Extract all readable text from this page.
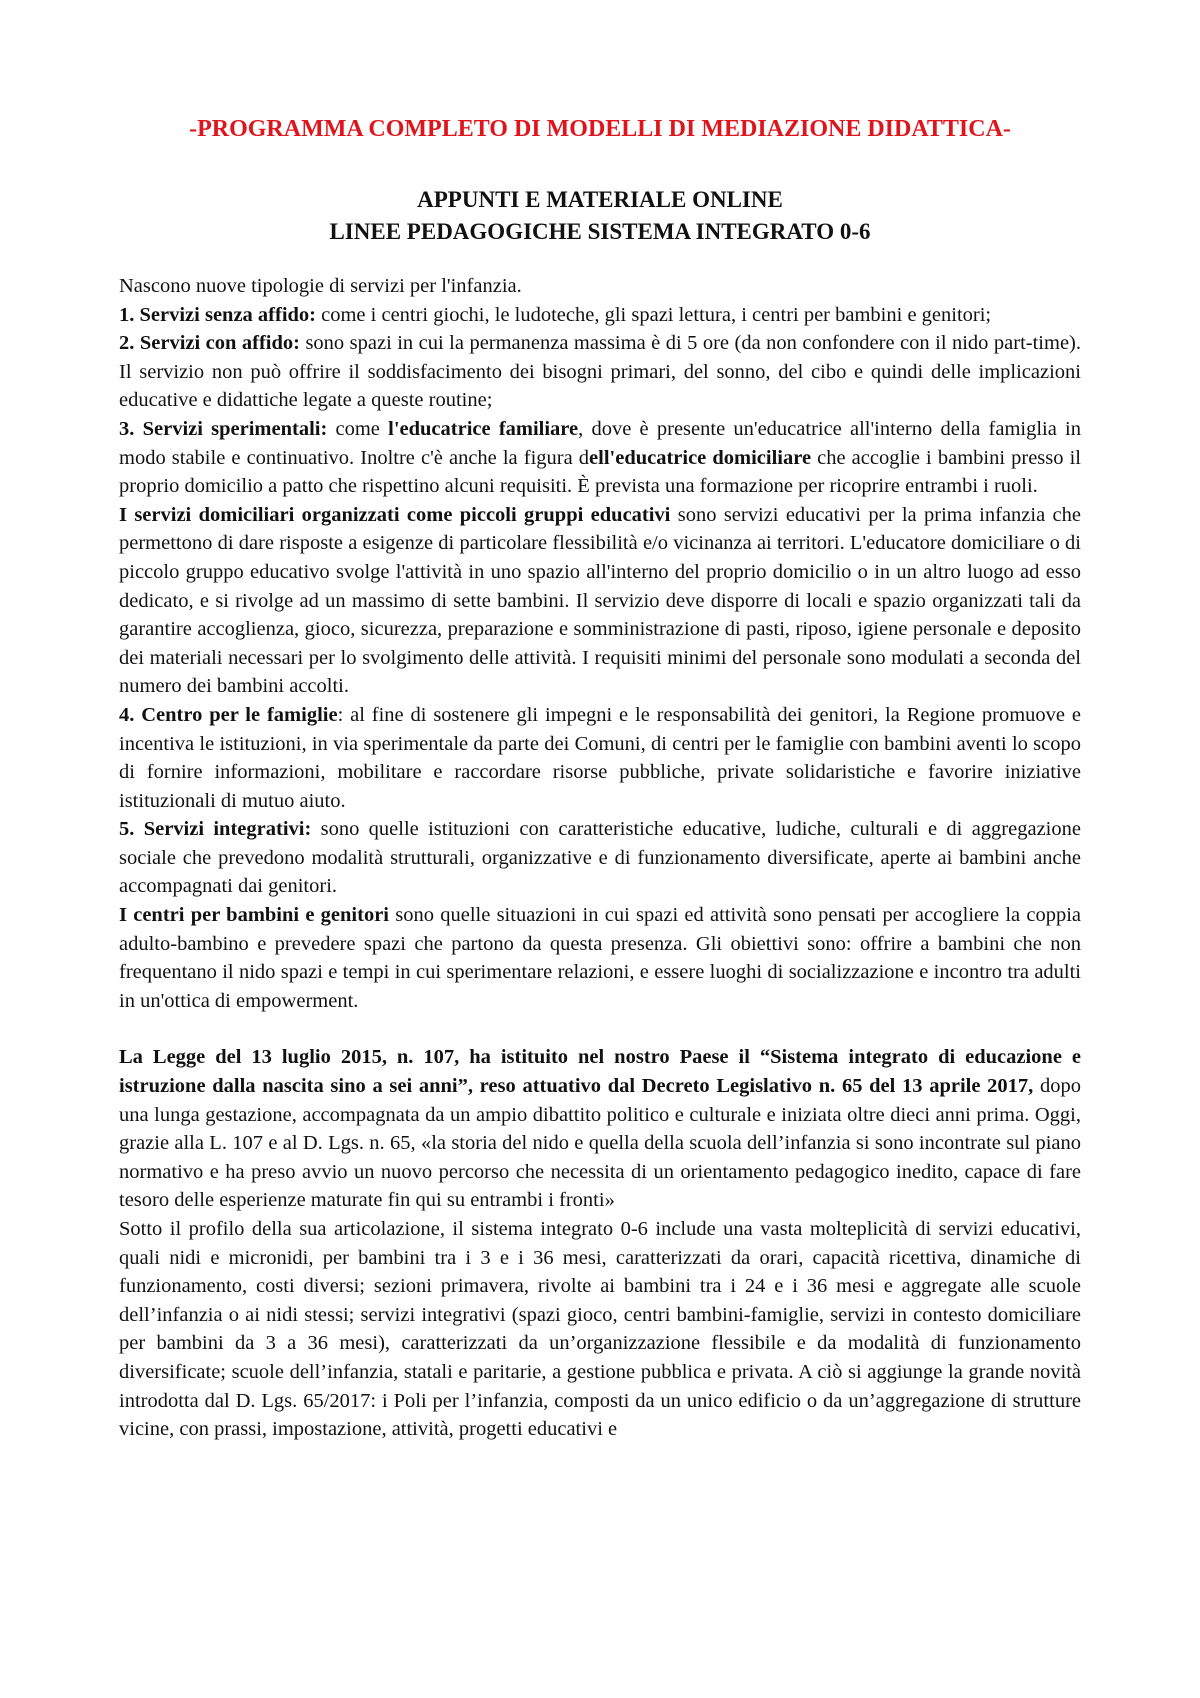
-PROGRAMMA COMPLETO DI MODELLI DI MEDIAZIONE DIDATTICA-
APPUNTI E MATERIALE ONLINE
LINEE PEDAGOGICHE SISTEMA INTEGRATO 0-6

Nascono nuove tipologie di servizi per l'infanzia.

1. Servizi senza affido: come i centri giochi, le ludoteche, gli spazi lettura, i centri per bambini e genitori;

2. Servizi con affido: sono spazi in cui la permanenza massima è di 5 ore (da non confondere con il nido part-time). Il servizio non può offrire il soddisfacimento dei bisogni primari, del sonno, del cibo e quindi delle implicazioni educative e didattiche legate a queste routine;

3. Servizi sperimentali: come l'educatrice familiare, dove è presente un'educatrice all'interno della famiglia in modo stabile e continuativo. Inoltre c'è anche la figura dell'educatrice domiciliare che accoglie i bambini presso il proprio domicilio a patto che rispettino alcuni requisiti. È prevista una formazione per ricoprire entrambi i ruoli.

I servizi domiciliari organizzati come piccoli gruppi educativi sono servizi educativi per la prima infanzia che permettono di dare risposte a esigenze di particolare flessibilità e/o vicinanza ai territori. L'educatore domiciliare o di piccolo gruppo educativo svolge l'attività in uno spazio all'interno del proprio domicilio o in un altro luogo ad esso dedicato, e si rivolge ad un massimo di sette bambini. Il servizio deve disporre di locali e spazio organizzati tali da garantire accoglienza, gioco, sicurezza, preparazione e somministrazione di pasti, riposo, igiene personale e deposito dei materiali necessari per lo svolgimento delle attività. I requisiti minimi del personale sono modulati a seconda del numero dei bambini accolti.

4. Centro per le famiglie: al fine di sostenere gli impegni e le responsabilità dei genitori, la Regione promuove e incentiva le istituzioni, in via sperimentale da parte dei Comuni, di centri per le famiglie con bambini aventi lo scopo di fornire informazioni, mobilitare e raccordare risorse pubbliche, private solidaristiche e favorire iniziative istituzionali di mutuo aiuto.

5. Servizi integrativi: sono quelle istituzioni con caratteristiche educative, ludiche, culturali e di aggregazione sociale che prevedono modalità strutturali, organizzative e di funzionamento diversificate, aperte ai bambini anche accompagnati dai genitori.

I centri per bambini e genitori sono quelle situazioni in cui spazi ed attività sono pensati per accogliere la coppia adulto-bambino e prevedere spazi che partono da questa presenza. Gli obiettivi sono: offrire a bambini che non frequentano il nido spazi e tempi in cui sperimentare relazioni, e essere luoghi di socializzazione e incontro tra adulti in un'ottica di empowerment.

La Legge del 13 luglio 2015, n. 107, ha istituito nel nostro Paese il “Sistema integrato di educazione e istruzione dalla nascita sino a sei anni”, reso attuativo dal Decreto Legislativo n. 65 del 13 aprile 2017, dopo una lunga gestazione, accompagnata da un ampio dibattito politico e culturale e iniziata oltre dieci anni prima. Oggi, grazie alla L. 107 e al D. Lgs. n. 65, «la storia del nido e quella della scuola dell’infanzia si sono incontrate sul piano normativo e ha preso avvio un nuovo percorso che necessita di un orientamento pedagogico inedito, capace di fare tesoro delle esperienze maturate fin qui su entrambi i fronti»

Sotto il profilo della sua articolazione, il sistema integrato 0-6 include una vasta molteplicità di servizi educativi, quali nidi e micronidi, per bambini tra i 3 e i 36 mesi, caratterizzati da orari, capacità ricettiva, dinamiche di funzionamento, costi diversi; sezioni primavera, rivolte ai bambini tra i 24 e i 36 mesi e aggregate alle scuole dell’infanzia o ai nidi stessi; servizi integrativi (spazi gioco, centri bambini-famiglie, servizi in contesto domiciliare per bambini da 3 a 36 mesi), caratterizzati da un’organizzazione flessibile e da modalità di funzionamento diversificate; scuole dell’infanzia, statali e paritarie, a gestione pubblica e privata. A ciò si aggiunge la grande novità introdotta dal D. Lgs. 65/2017: i Poli per l’infanzia, composti da un unico edificio o da un’aggregazione di strutture vicine, con prassi, impostazione, attività, progetti educativi e
